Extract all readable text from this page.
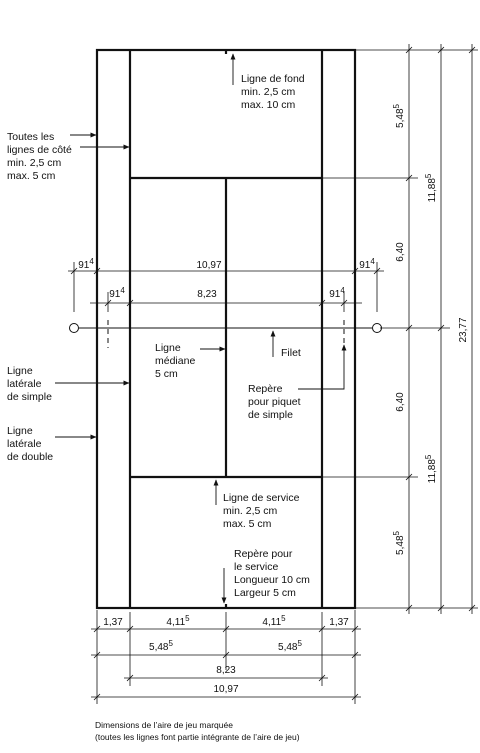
$91^4$	10,97	$91^4$
$91^4$	8,23	$91^4$
5,48$^5$
6,40
6,40
5,48$^5$
11,88$^5$
11,88$^5$
23,77
1,37	4,11$^5$	4,11$^5$	1,37
5,48$^5$	5,48$^5$
8,23
10,97
Ligne de fond min. 2,5 cm max. 10 cm
Toutes les lignes de côté min. 2,5 cm max. 5 cm
Ligne médiane 5 cm
Filet
Repère pour piquet de simple
Ligne latérale de simple
Ligne latérale de double
Ligne de service min. 2,5 cm max. 5 cm
Repère pour le service Longueur 10 cm Largeur 5 cm
Dimensions de l’aire de jeu marquée
(toutes les lignes font partie intégrante de l’aire de jeu)
